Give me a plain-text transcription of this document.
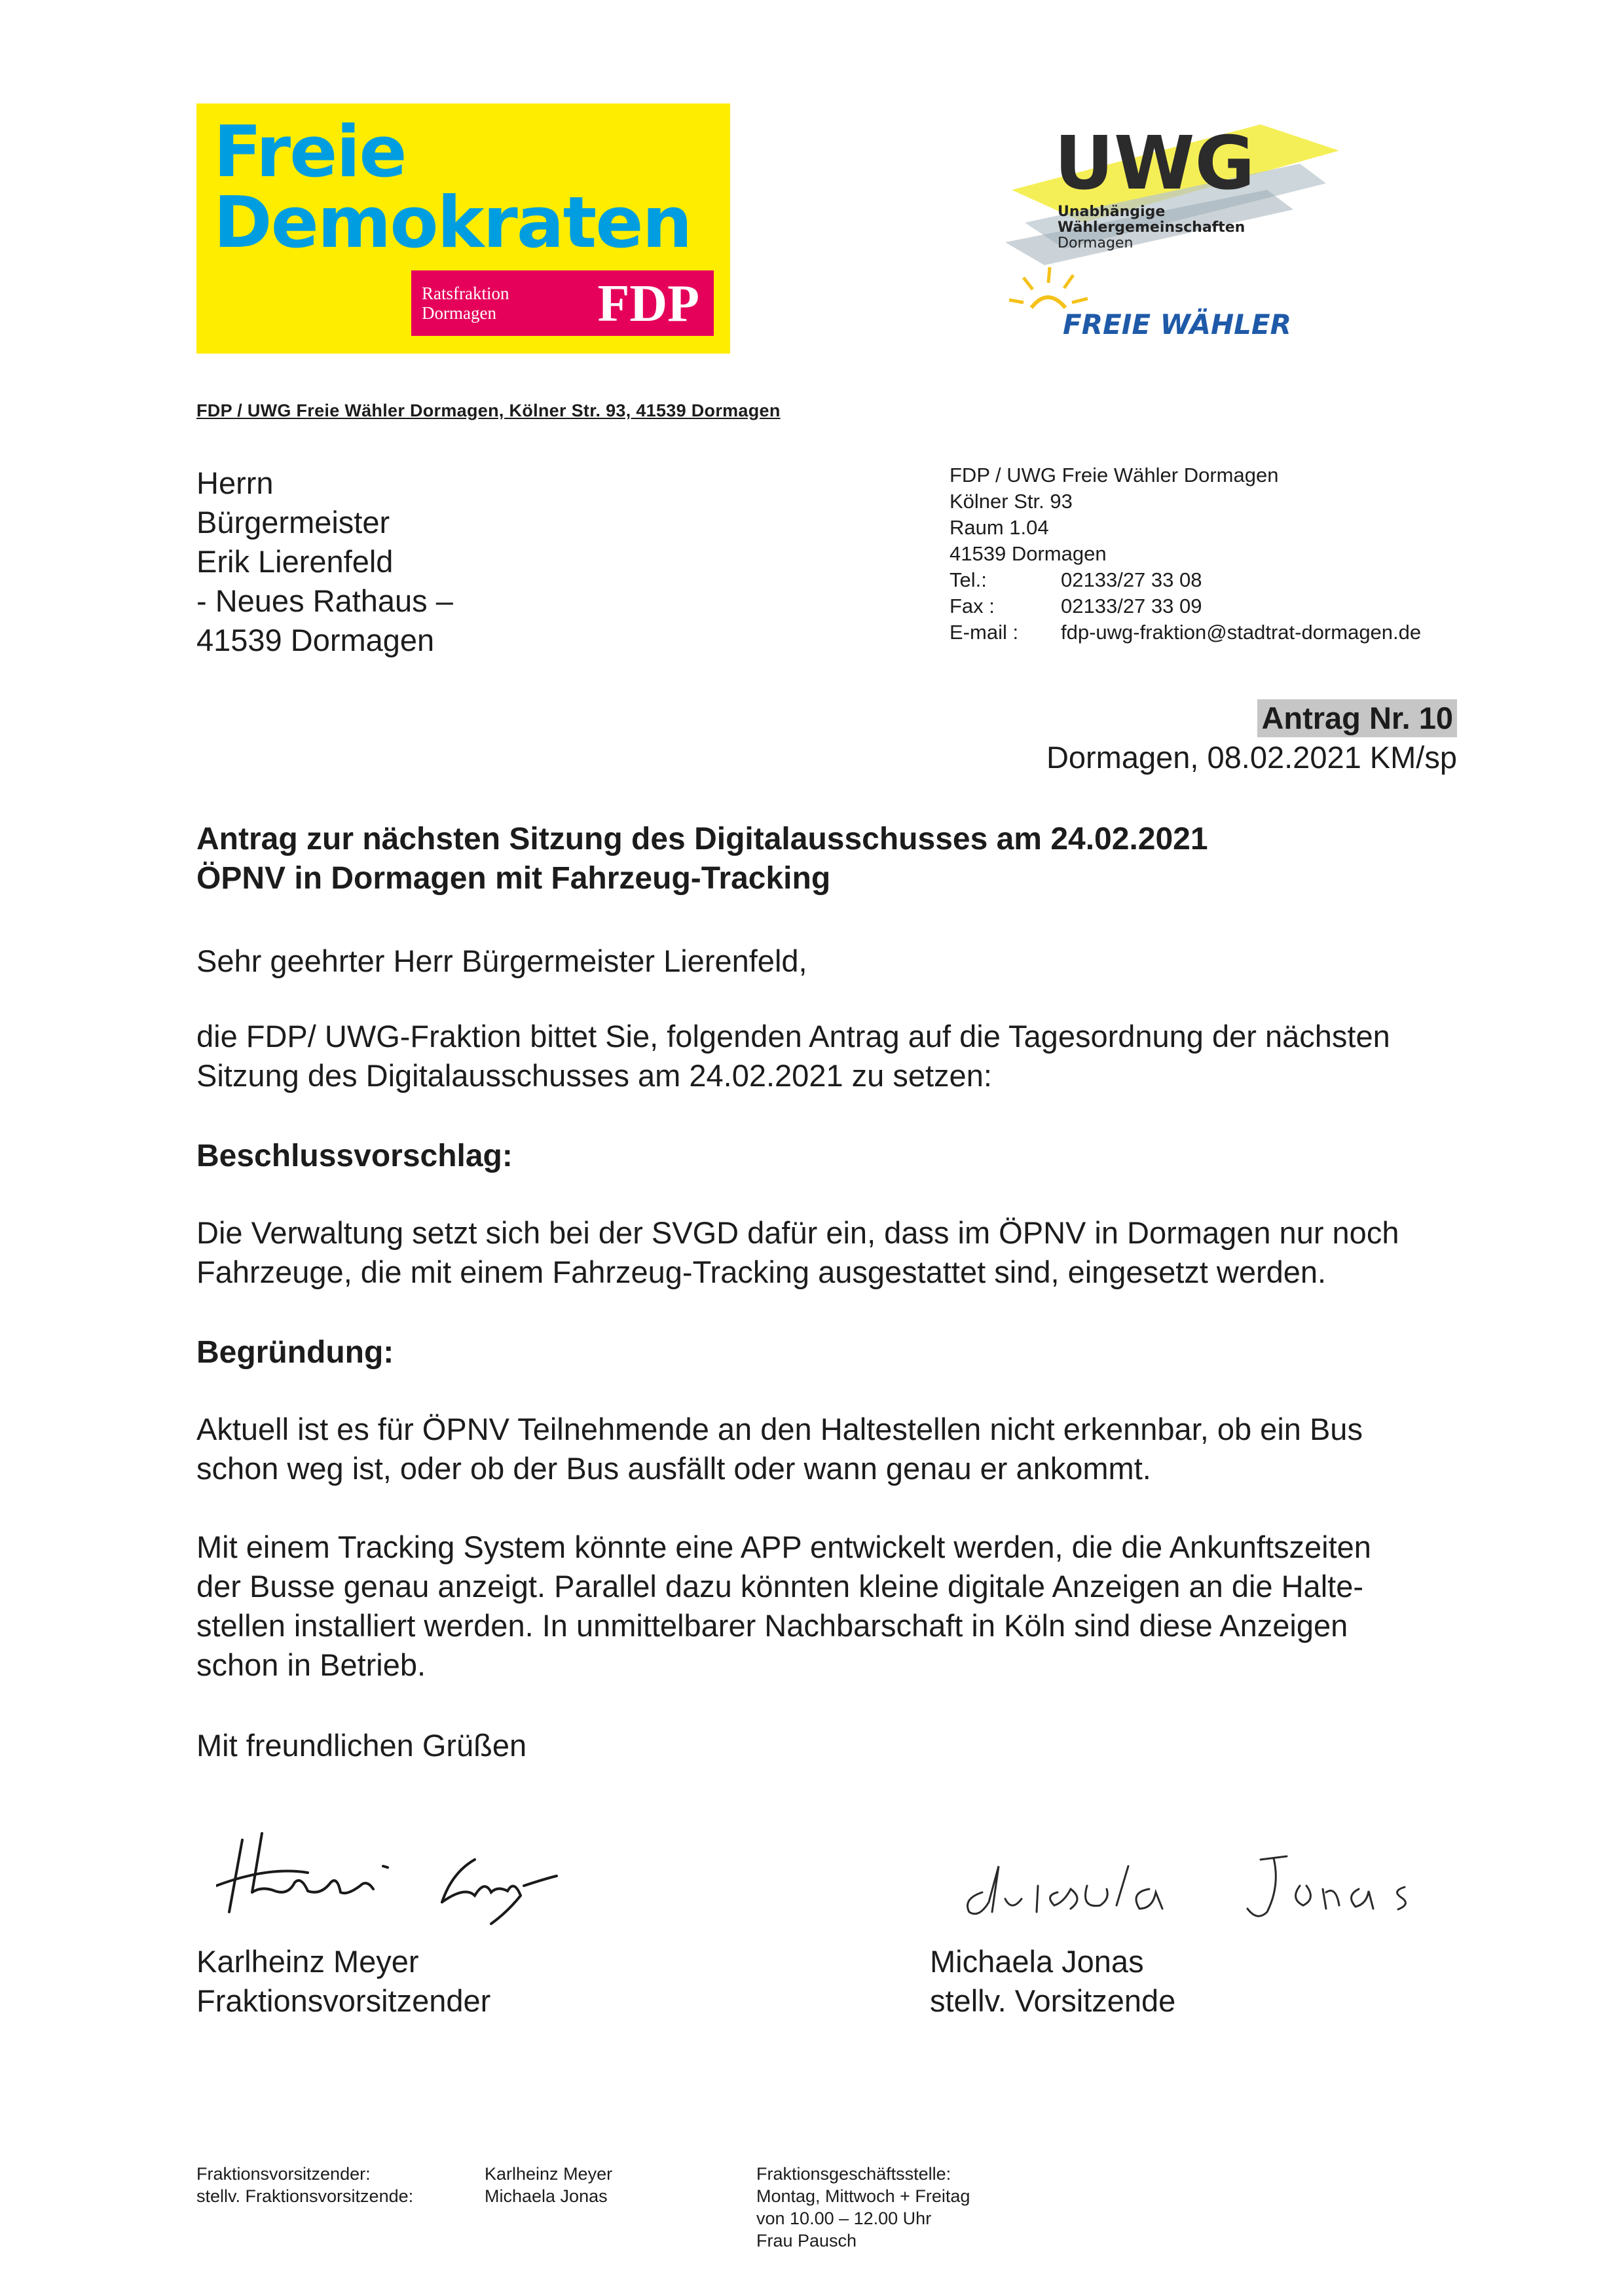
Freie
Demokraten
Ratsfraktion
Dormagen FDP
UWG
Unabhängige
Wählergemeinschaften
Dormagen
FREIE WÄHLER
FDP / UWG Freie Wähler Dormagen, Kölner Str. 93, 41539 Dormagen
Herrn
Bürgermeister
Erik Lierenfeld
- Neues Rathaus –
41539 Dormagen
FDP / UWG Freie Wähler Dormagen
Kölner Str. 93
Raum 1.04
41539 Dormagen
Tel.:	02133/27 33 08
Fax :	02133/27 33 09
E-mail : fdp-uwg-fraktion@stadtrat-dormagen.de
Antrag Nr. 10
Dormagen, 08.02.2021 KM/sp
Antrag zur nächsten Sitzung des Digitalausschusses am 24.02.2021
ÖPNV in Dormagen mit Fahrzeug-Tracking
Sehr geehrter Herr Bürgermeister Lierenfeld,
die FDP/ UWG-Fraktion bittet Sie, folgenden Antrag auf die Tagesordnung der nächsten
Sitzung des Digitalausschusses am 24.02.2021 zu setzen:
Beschlussvorschlag:
Die Verwaltung setzt sich bei der SVGD dafür ein, dass im ÖPNV in Dormagen nur noch
Fahrzeuge, die mit einem Fahrzeug-Tracking ausgestattet sind, eingesetzt werden.
Begründung:
Aktuell ist es für ÖPNV Teilnehmende an den Haltestellen nicht erkennbar, ob ein Bus
schon weg ist, oder ob der Bus ausfällt oder wann genau er ankommt.
Mit einem Tracking System könnte eine APP entwickelt werden, die die Ankunftszeiten
der Busse genau anzeigt. Parallel dazu könnten kleine digitale Anzeigen an die Halte-
stellen installiert werden. In unmittelbarer Nachbarschaft in Köln sind diese Anzeigen
schon in Betrieb.
Mit freundlichen Grüßen
Karlheinz Meyer
Fraktionsvorsitzender
Michaela Jonas
stellv. Vorsitzende
Fraktionsvorsitzender:
stellv. Fraktionsvorsitzende:
Karlheinz Meyer
Michaela Jonas
Fraktionsgeschäftsstelle:
Montag, Mittwoch + Freitag
von 10.00 – 12.00 Uhr
Frau Pausch
